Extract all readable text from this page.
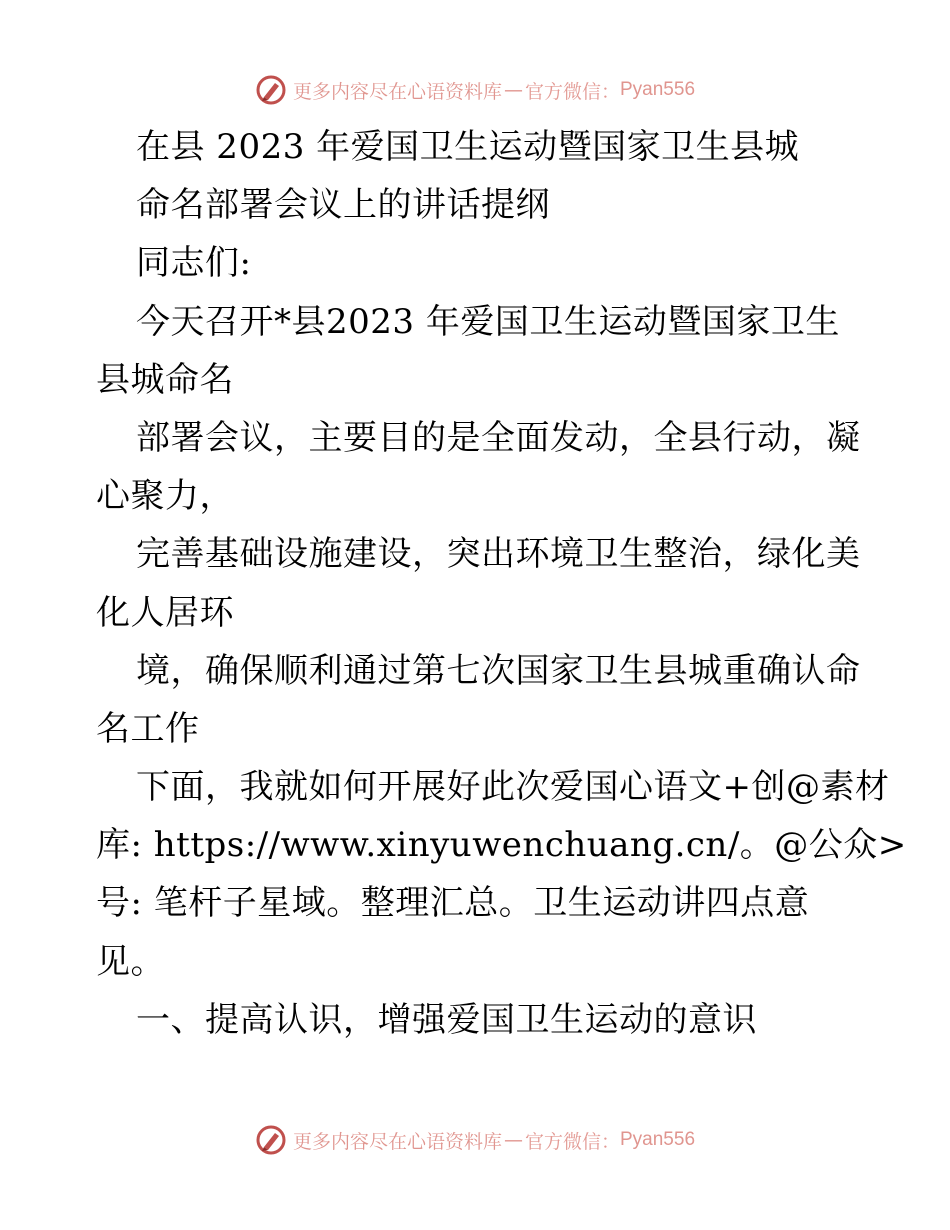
更多内容尽在心语资料库 — 官方微信： Pyan556
在县 2023 年爱国卫生运动暨国家卫生县城
命名部署会议上的讲话提纲
同志们:
今天召开*县2023 年爱国卫生运动暨国家卫生
县城命名
部署会议，主要目的是全面发动，全县行动，凝
心聚力，
完善基础设施建设，突出环境卫生整治，绿化美
化人居环
境，确保顺利通过第七次国家卫生县城重确认命
名工作
下面，我就如何开展好此次爱国心语文+创@素材
库: https://www.xinyuwenchuang.cn/。@公众>
号: 笔杆子星域。整理汇总。卫生运动讲四点意
见。
一、提高认识，增强爱国卫生运动的意识
更多内容尽在心语资料库 — 官方微信： Pyan556
